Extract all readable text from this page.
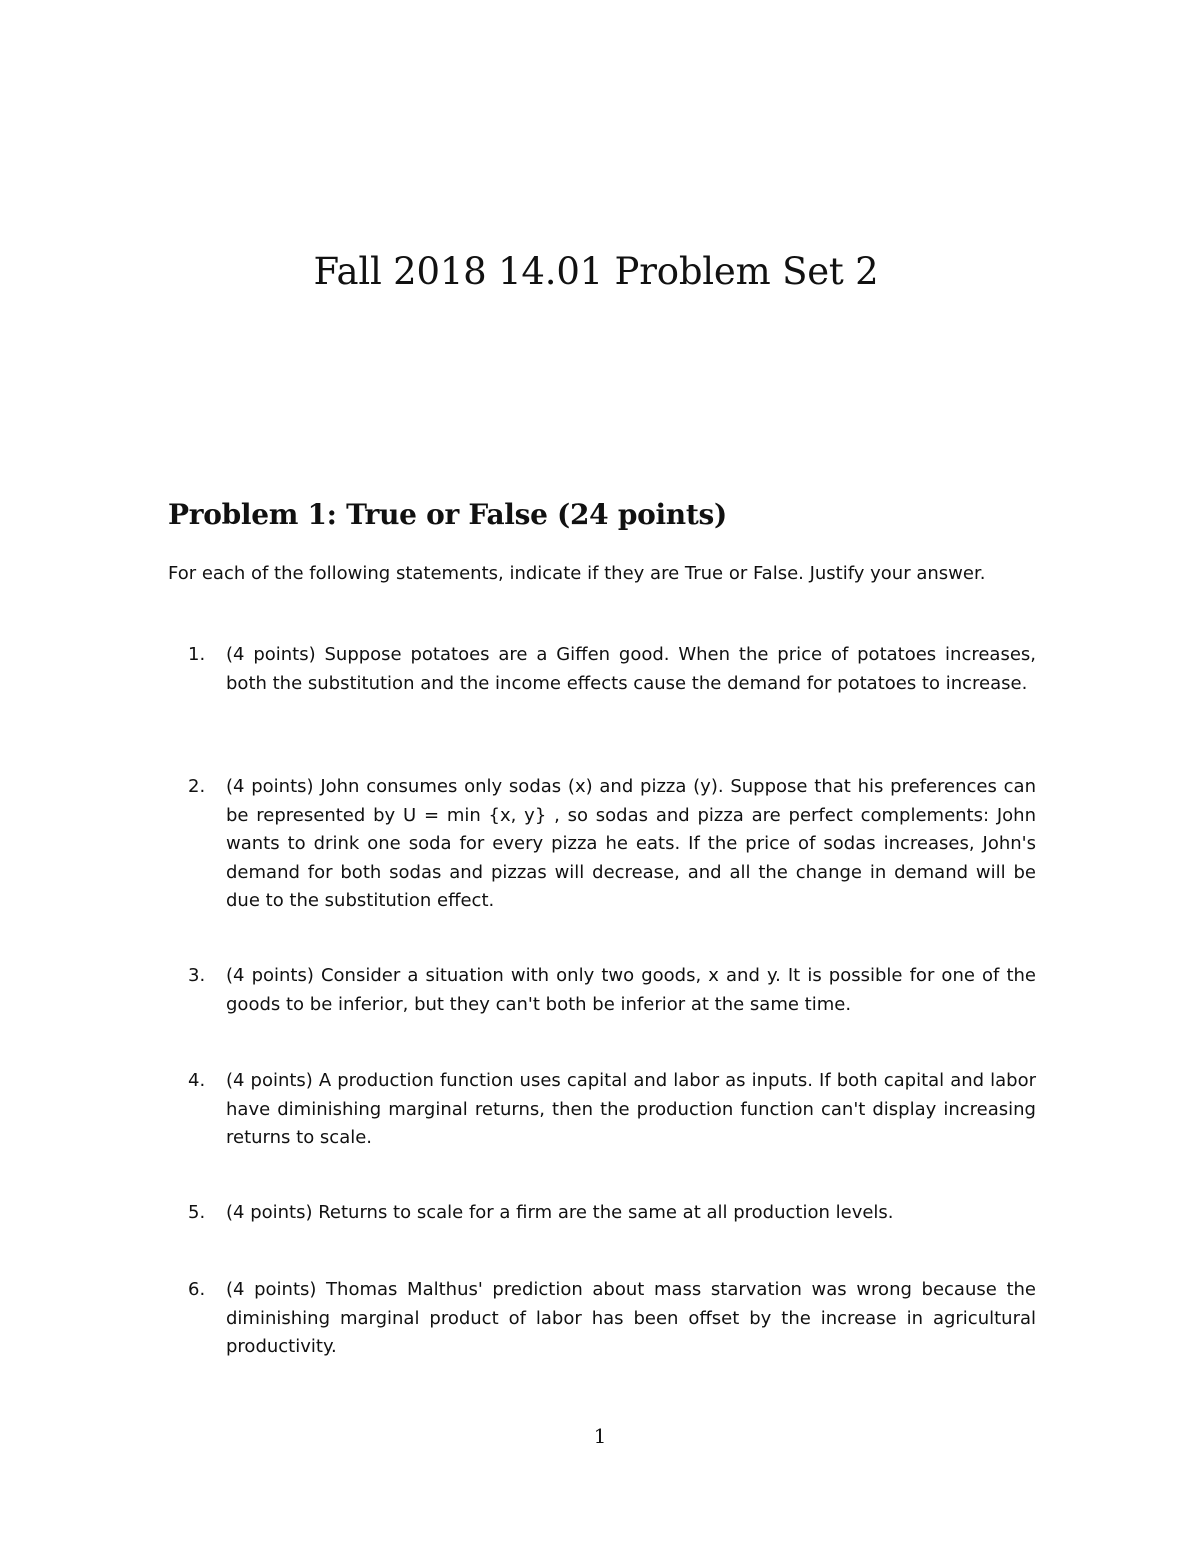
Fall 2018 14.01 Problem Set 2
Problem 1: True or False (24 points)

For each of the following statements, indicate if they are True or False. Justify your answer.

1. (4 points) Suppose potatoes are a Giffen good. When the price of potatoes increases, both the substitution and the income effects cause the demand for potatoes to increase.
2. (4 points) John consumes only sodas (x) and pizza (y). Suppose that his preferences can be represented by U = min {x, y} , so sodas and pizza are perfect complements: John wants to drink one soda for every pizza he eats. If the price of sodas increases, John's demand for both sodas and pizzas will decrease, and all the change in demand will be due to the substitution effect.
3. (4 points) Consider a situation with only two goods, x and y. It is possible for one of the goods to be inferior, but they can't both be inferior at the same time.
4. (4 points) A production function uses capital and labor as inputs. If both capital and labor have diminishing marginal returns, then the production function can't display increasing returns to scale.
5. (4 points) Returns to scale for a firm are the same at all production levels.
6. (4 points) Thomas Malthus' prediction about mass starvation was wrong because the diminishing marginal product of labor has been offset by the increase in agricultural productivity.
1
